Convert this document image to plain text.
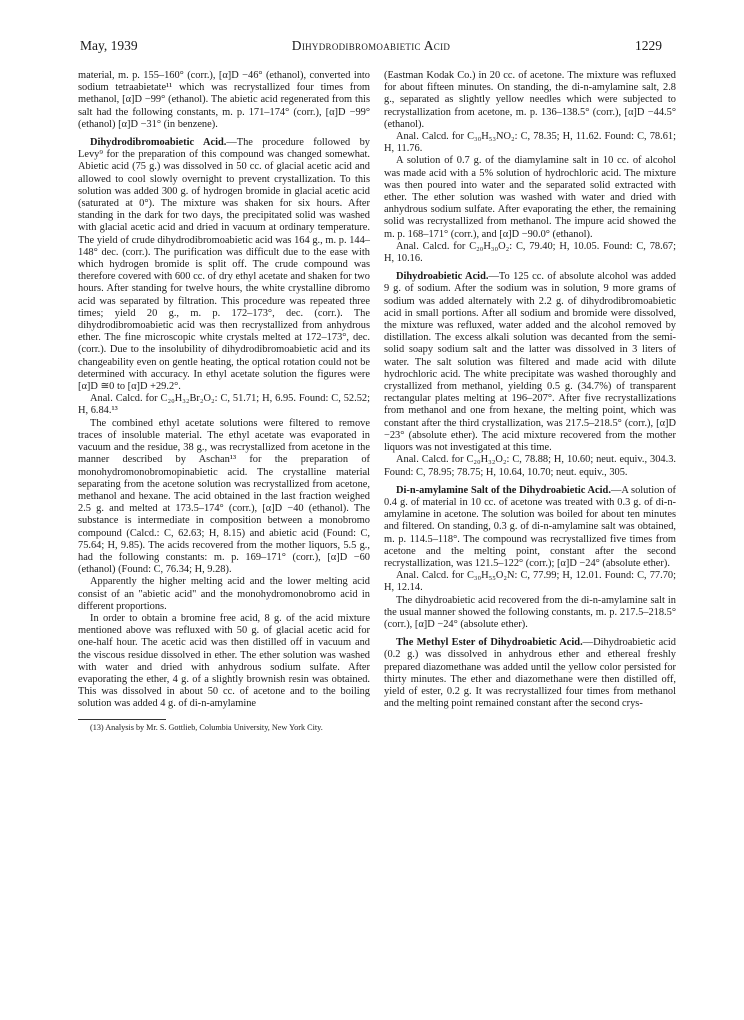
May, 1939	Dihydrodibromoabietic Acid	1229

material, m. p. 155–160° (corr.), [α]D −46° (ethanol), converted into sodium tetraabietate¹¹ which was recrystallized four times from methanol, [α]D −99° (ethanol). The abietic acid regenerated from this salt had the following constants, m. p. 171–174° (corr.), [α]D −99° (ethanol) [α]D −31° (in benzene).

Dihydrodibromoabietic Acid.—The procedure followed by Levy⁹ for the preparation of this compound was changed somewhat. Abietic acid (75 g.) was dissolved in 50 cc. of glacial acetic acid and allowed to cool slowly overnight to prevent crystallization. To this solution was added 300 g. of hydrogen bromide in glacial acetic acid (saturated at 0°). The mixture was shaken for six hours. After standing in the dark for two days, the precipitated solid was washed with glacial acetic acid and dried in vacuum at ordinary temperature. The yield of crude dihydrodibromoabietic acid was 164 g., m. p. 144–148° dec. (corr.). The purification was difficult due to the ease with which hydrogen bromide is split off. The crude compound was therefore covered with 600 cc. of dry ethyl acetate and shaken for two hours. After standing for twelve hours, the white crystalline dibromo acid was separated by filtration. This procedure was repeated three times; yield 20 g., m. p. 172–173°, dec. (corr.). The dihydrodibromoabietic acid was then recrystallized from anhydrous ether. The fine microscopic white crystals melted at 172–173°, dec. (corr.). Due to the insolubility of dihydrodibromoabietic acid and its changeability even on gentle heating, the optical rotation could not be determined with accuracy. In ethyl acetate solution the figures were [α]D ≅0 to [α]D +29.2°.

Anal. Calcd. for C₂₀H₃₂Br₂O₂: C, 51.71; H, 6.95. Found: C, 52.52; H, 6.84.¹³

The combined ethyl acetate solutions were filtered to remove traces of insoluble material. The ethyl acetate was evaporated in vacuum and the residue, 38 g., was recrystallized from acetone in the manner described by Aschan¹³ for the preparation of monohydromonobromopinabietic acid. The crystalline material separating from the acetone solution was recrystallized from acetone, methanol and hexane. The acid obtained in the last fraction weighed 2.5 g. and melted at 173.5–174° (corr.), [α]D −40 (ethanol). The substance is intermediate in composition between a monobromo compound (Calcd.: C, 62.63; H, 8.15) and abietic acid (Found: C, 75.64; H, 9.85). The acids recovered from the mother liquors, 5.5 g., had the following constants: m. p. 169–171° (corr.), [α]D −60 (ethanol) (Found: C, 76.34; H, 9.28).

Apparently the higher melting acid and the lower melting acid consist of an "abietic acid" and the monohydromonobromo acid in different proportions.

In order to obtain a bromine free acid, 8 g. of the acid mixture mentioned above was refluxed with 50 g. of glacial acetic acid for one-half hour. The acetic acid was then distilled off in vacuum and the viscous residue dissolved in ether. The ether solution was washed with water and dried with anhydrous sodium sulfate. After evaporating the ether, 4 g. of a slightly brownish resin was obtained. This was dissolved in about 50 cc. of acetone and to the boiling solution was added 4 g. of di-n-amylamine

(13) Analysis by Mr. S. Gottlieb, Columbia University, New York City.

(Eastman Kodak Co.) in 20 cc. of acetone. The mixture was refluxed for about fifteen minutes. On standing, the di-n-amylamine salt, 2.8 g., separated as slightly yellow needles which were subjected to recrystallization from acetone, m. p. 136–138.5° (corr.), [α]D −44.5° (ethanol).

Anal. Calcd. for C₃₀H₅₃NO₂: C, 78.35; H, 11.62. Found: C, 78.61; H, 11.76.

A solution of 0.7 g. of the diamylamine salt in 10 cc. of alcohol was made acid with a 5% solution of hydrochloric acid. The mixture was then poured into water and the separated solid extracted with ether. The ether solution was washed with water and dried with anhydrous sodium sulfate. After evaporating the ether, the remaining solid was recrystallized from methanol. The impure acid showed the m. p. 168–171° (corr.), and [α]D −90.0° (ethanol).

Anal. Calcd. for C₂₀H₃₀O₂: C, 79.40; H, 10.05. Found: C, 78.67; H, 10.16.

Dihydroabietic Acid.—To 125 cc. of absolute alcohol was added 9 g. of sodium. After the sodium was in solution, 9 more grams of sodium was added alternately with 2.2 g. of dihydrodibromoabietic acid in small portions. After all sodium and bromide were dissolved, the mixture was refluxed, water added and the alcohol removed by distillation. The excess alkali solution was decanted from the semi-solid soapy sodium salt and the latter was dissolved in 3 liters of water. The salt solution was filtered and made acid with dilute hydrochloric acid. The white precipitate was washed thoroughly and crystallized from methanol, yielding 0.5 g. (34.7%) of transparent rectangular plates melting at 196–207°. After five recrystallizations from methanol and one from hexane, the melting point, which was constant after the third crystallization, was 217.5–218.5° (corr.), [α]D −23° (absolute ether). The acid mixture recovered from the mother liquors was not investigated at this time.

Anal. Calcd. for C₂₀H₃₂O₂: C, 78.88; H, 10.60; neut. equiv., 304.3. Found: C, 78.95; 78.75; H, 10.64, 10.70; neut. equiv., 305.

Di-n-amylamine Salt of the Dihydroabietic Acid.—A solution of 0.4 g. of material in 10 cc. of acetone was treated with 0.3 g. of di-n-amylamine in acetone. The solution was boiled for about ten minutes and filtered. On standing, 0.3 g. of di-n-amylamine salt was obtained, m. p. 114.5–118°. The compound was recrystallized five times from acetone and the melting point, constant after the second recrystallization, was 121.5–122° (corr.); [α]D −24° (absolute ether).

Anal. Calcd. for C₃₀H₅₅O₂N: C, 77.99; H, 12.01. Found: C, 77.70; H, 12.14.

The dihydroabietic acid recovered from the di-n-amylamine salt in the usual manner showed the following constants, m. p. 217.5–218.5° (corr.), [α]D −24° (absolute ether).

The Methyl Ester of Dihydroabietic Acid.—Dihydroabietic acid (0.2 g.) was dissolved in anhydrous ether and ethereal freshly prepared diazomethane was added until the yellow color persisted for thirty minutes. The ether and diazomethane were then distilled off, yield of ester, 0.2 g. It was recrystallized four times from methanol and the melting point remained constant after the second crys-
